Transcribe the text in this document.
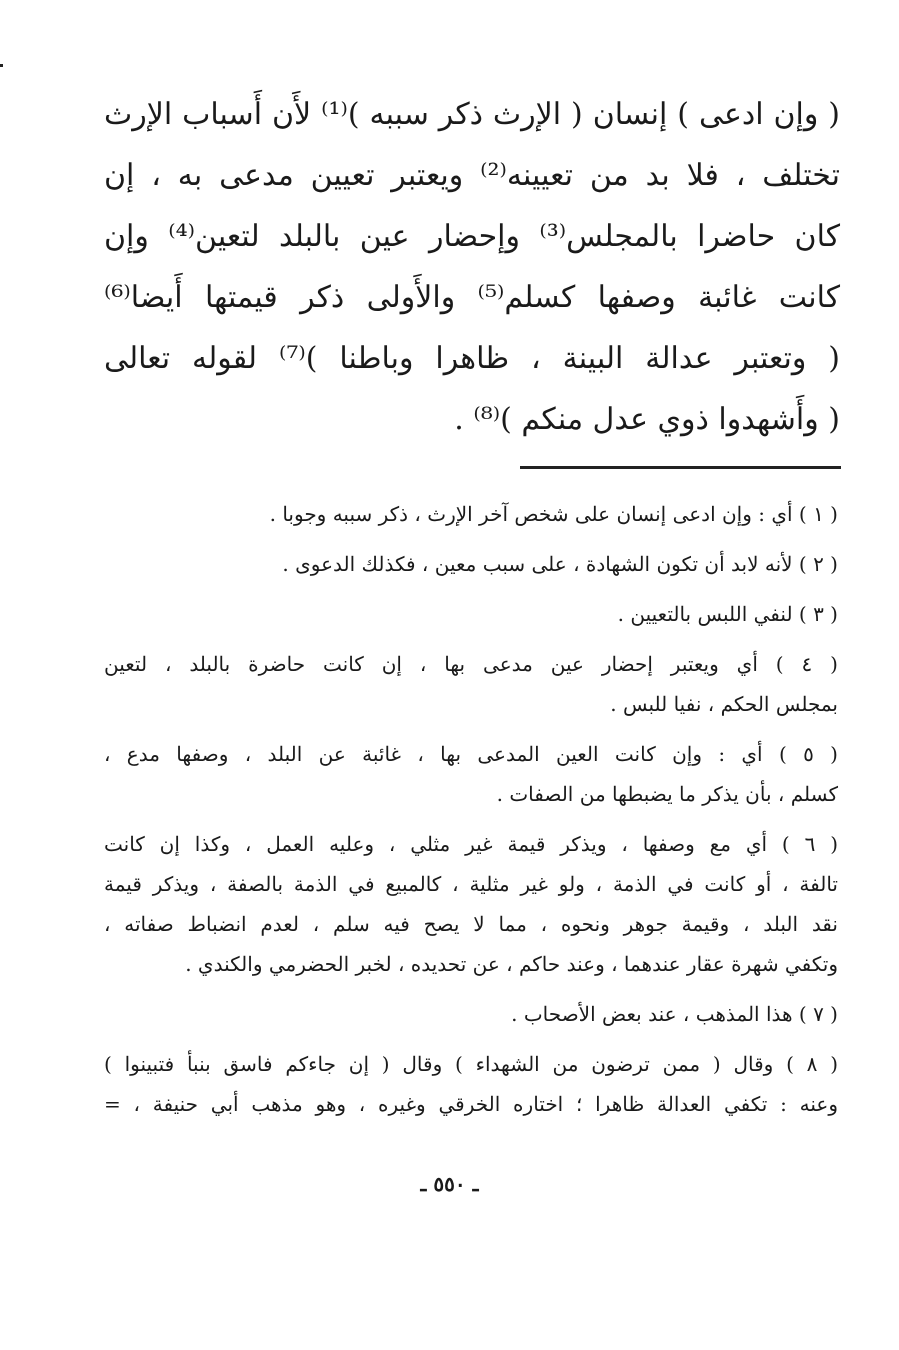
( وإن ادعى ) إنسان ( الإرث ذكر سببه )⁽¹⁾ لأَن أَسباب الإرث
تختلف ، فلا بد من تعيينه⁽²⁾ ويعتبر تعيين مدعى به ، إن
كان حاضرا بالمجلس⁽³⁾ وإحضار عين بالبلد لتعين⁽⁴⁾ وإن
كانت غائبة وصفها كسلم⁽⁵⁾ والأَولى ذكر قيمتها أَيضا⁽⁶⁾
( وتعتبر عدالة البينة ، ظاهرا وباطنا )⁽⁷⁾ لقوله تعالى
( وأَشهدوا ذوي عدل منكم )⁽⁸⁾ .
( ١ ) أي : وإن ادعى إنسان على شخص آخر الإرث ، ذكر سببه وجوبا .
( ٢ ) لأنه لابد أن تكون الشهادة ، على سبب معين ، فكذلك الدعوى .
( ٣ ) لنفي اللبس بالتعيين .
( ٤ ) أي ويعتبر إحضار عين مدعى بها ، إن كانت حاضرة بالبلد ، لتعين
بمجلس الحكم ، نفيا للبس .
( ٥ ) أي : وإن كانت العين المدعى بها ، غائبة عن البلد ، وصفها مدع ،
كسلم ، بأن يذكر ما يضبطها من الصفات .
( ٦ ) أي مع وصفها ، ويذكر قيمة غير مثلي ، وعليه العمل ، وكذا إن كانت
تالفة ، أو كانت في الذمة ، ولو غير مثلية ، كالمبيع في الذمة بالصفة ، ويذكر قيمة
نقد البلد ، وقيمة جوهر ونحوه ، مما لا يصح فيه سلم ، لعدم انضباط صفاته ،
وتكفي شهرة عقار عندهما ، وعند حاكم ، عن تحديده ، لخبر الحضرمي والكندي .
( ٧ ) هذا المذهب ، عند بعض الأصحاب .
( ٨ ) وقال ( ممن ترضون من الشهداء ) وقال ( إن جاءكم فاسق بنبأ فتبينوا )
وعنه : تكفي العدالة ظاهرا ؛ اختاره الخرقي وغيره ، وهو مذهب أبي حنيفة ، =
ـ ٥٥٠ ـ
